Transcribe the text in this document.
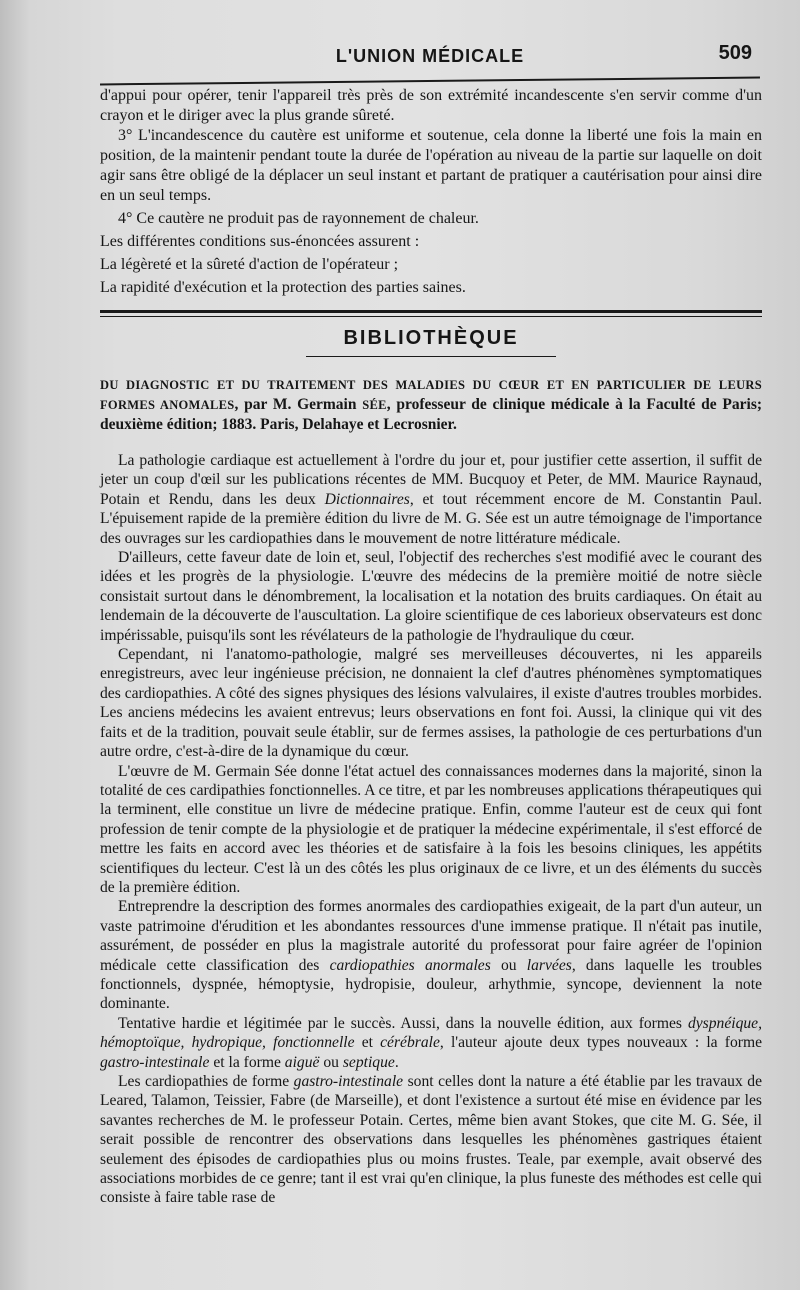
L'UNION MÉDICALE	509

d'appui pour opérer, tenir l'appareil très près de son extrémité incandescente s'en servir comme d'un crayon et le diriger avec la plus grande sûreté.

3° L'incandescence du cautère est uniforme et soutenue, cela donne la liberté une fois la main en position, de la maintenir pendant toute la durée de l'opération au niveau de la partie sur laquelle on doit agir sans être obligé de la déplacer un seul instant et partant de pratiquer a cautérisation pour ainsi dire en un seul temps.

4° Ce cautère ne produit pas de rayonnement de chaleur.

Les différentes conditions sus-énoncées assurent :

La légèreté et la sûreté d'action de l'opérateur ;

La rapidité d'exécution et la protection des parties saines.

BIBLIOTHÈQUE

DU DIAGNOSTIC ET DU TRAITEMENT DES MALADIES DU CŒUR ET EN PARTICULIER DE LEURS FORMES ANOMALES, par M. Germain SÉE, professeur de clinique médicale à la Faculté de Paris; deuxième édition; 1883. Paris, Delahaye et Lecrosnier.

La pathologie cardiaque est actuellement à l'ordre du jour et, pour justifier cette assertion, il suffit de jeter un coup d'œil sur les publications récentes de MM. Bucquoy et Peter, de MM. Maurice Raynaud, Potain et Rendu, dans les deux Dictionnaires, et tout récemment encore de M. Constantin Paul. L'épuisement rapide de la première édition du livre de M. G. Sée est un autre témoignage de l'importance des ouvrages sur les cardiopathies dans le mouvement de notre littérature médicale.

D'ailleurs, cette faveur date de loin et, seul, l'objectif des recherches s'est modifié avec le courant des idées et les progrès de la physiologie. L'œuvre des médecins de la première moitié de notre siècle consistait surtout dans le dénombrement, la localisation et la notation des bruits cardiaques. On était au lendemain de la découverte de l'auscultation. La gloire scientifique de ces laborieux observateurs est donc impérissable, puisqu'ils sont les révélateurs de la pathologie de l'hydraulique du cœur.

Cependant, ni l'anatomo-pathologie, malgré ses merveilleuses découvertes, ni les appareils enregistreurs, avec leur ingénieuse précision, ne donnaient la clef d'autres phénomènes symptomatiques des cardiopathies. A côté des signes physiques des lésions valvulaires, il existe d'autres troubles morbides. Les anciens médecins les avaient entrevus; leurs observations en font foi. Aussi, la clinique qui vit des faits et de la tradition, pouvait seule établir, sur de fermes assises, la pathologie de ces perturbations d'un autre ordre, c'est-à-dire de la dynamique du cœur.

L'œuvre de M. Germain Sée donne l'état actuel des connaissances modernes dans la majorité, sinon la totalité de ces cardipathies fonctionnelles. A ce titre, et par les nombreuses applications thérapeutiques qui la terminent, elle constitue un livre de médecine pratique. Enfin, comme l'auteur est de ceux qui font profession de tenir compte de la physiologie et de pratiquer la médecine expérimentale, il s'est efforcé de mettre les faits en accord avec les théories et de satisfaire à la fois les besoins cliniques, les appétits scientifiques du lecteur. C'est là un des côtés les plus originaux de ce livre, et un des éléments du succès de la première édition.

Entreprendre la description des formes anormales des cardiopathies exigeait, de la part d'un auteur, un vaste patrimoine d'érudition et les abondantes ressources d'une immense pratique. Il n'était pas inutile, assurément, de posséder en plus la magistrale autorité du professorat pour faire agréer de l'opinion médicale cette classification des cardiopathies anormales ou larvées, dans laquelle les troubles fonctionnels, dyspnée, hémoptysie, hydropisie, douleur, arhythmie, syncope, deviennent la note dominante.

Tentative hardie et légitimée par le succès. Aussi, dans la nouvelle édition, aux formes dyspnéique, hémoptoïque, hydropique, fonctionnelle et cérébrale, l'auteur ajoute deux types nouveaux : la forme gastro-intestinale et la forme aiguë ou septique.

Les cardiopathies de forme gastro-intestinale sont celles dont la nature a été établie par les travaux de Leared, Talamon, Teissier, Fabre (de Marseille), et dont l'existence a surtout été mise en évidence par les savantes recherches de M. le professeur Potain. Certes, même bien avant Stokes, que cite M. G. Sée, il serait possible de rencontrer des observations dans lesquelles les phénomènes gastriques étaient seulement des épisodes de cardiopathies plus ou moins frustes. Teale, par exemple, avait observé des associations morbides de ce genre; tant il est vrai qu'en clinique, la plus funeste des méthodes est celle qui consiste à faire table rase de
